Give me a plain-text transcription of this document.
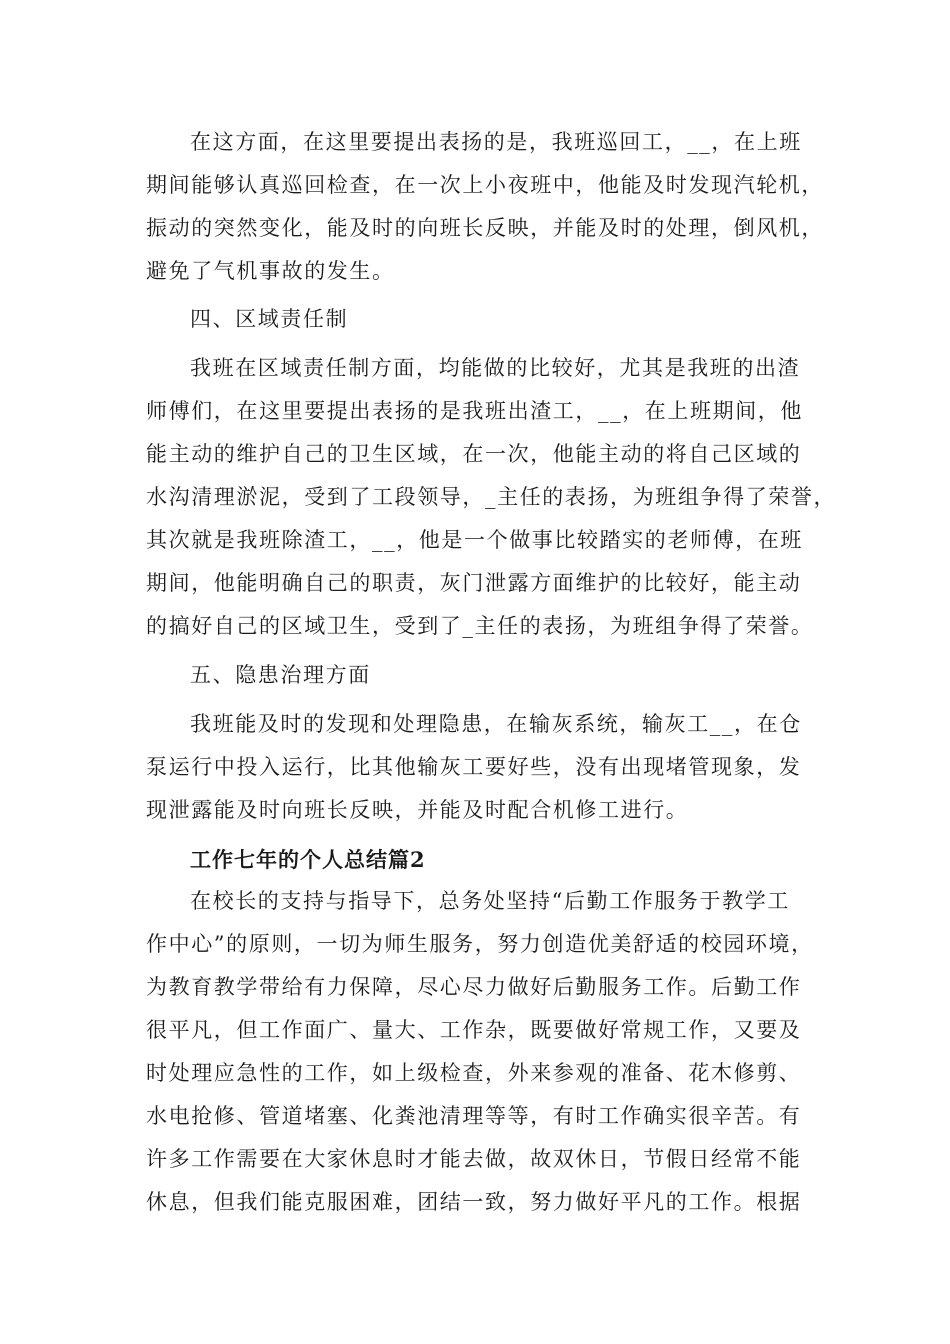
在这方面，在这里要提出表扬的是，我班巡回工，__，在上班
期间能够认真巡回检查，在一次上小夜班中，他能及时发现汽轮机，
振动的突然变化，能及时的向班长反映，并能及时的处理，倒风机，
避免了气机事故的发生。
四、区域责任制
我班在区域责任制方面，均能做的比较好，尤其是我班的出渣
师傅们，在这里要提出表扬的是我班出渣工，__，在上班期间，他
能主动的维护自己的卫生区域，在一次，他能主动的将自己区域的
水沟清理淤泥，受到了工段领导，_主任的表扬，为班组争得了荣誉，
其次就是我班除渣工，__，他是一个做事比较踏实的老师傅，在班
期间，他能明确自己的职责，灰门泄露方面维护的比较好，能主动
的搞好自己的区域卫生，受到了_主任的表扬，为班组争得了荣誉。
五、隐患治理方面
我班能及时的发现和处理隐患，在输灰系统，输灰工__，在仓
泵运行中投入运行，比其他输灰工要好些，没有出现堵管现象，发
现泄露能及时向班长反映，并能及时配合机修工进行。
工作七年的个人总结篇2
在校长的支持与指导下，总务处坚持“后勤工作服务于教学工
作中心”的原则，一切为师生服务，努力创造优美舒适的校园环境，
为教育教学带给有力保障，尽心尽力做好后勤服务工作。后勤工作
很平凡，但工作面广、量大、工作杂，既要做好常规工作，又要及
时处理应急性的工作，如上级检查，外来参观的准备、花木修剪、
水电抢修、管道堵塞、化粪池清理等等，有时工作确实很辛苦。有
许多工作需要在大家休息时才能去做，故双休日，节假日经常不能
休息，但我们能克服困难，团结一致，努力做好平凡的工作。根据
